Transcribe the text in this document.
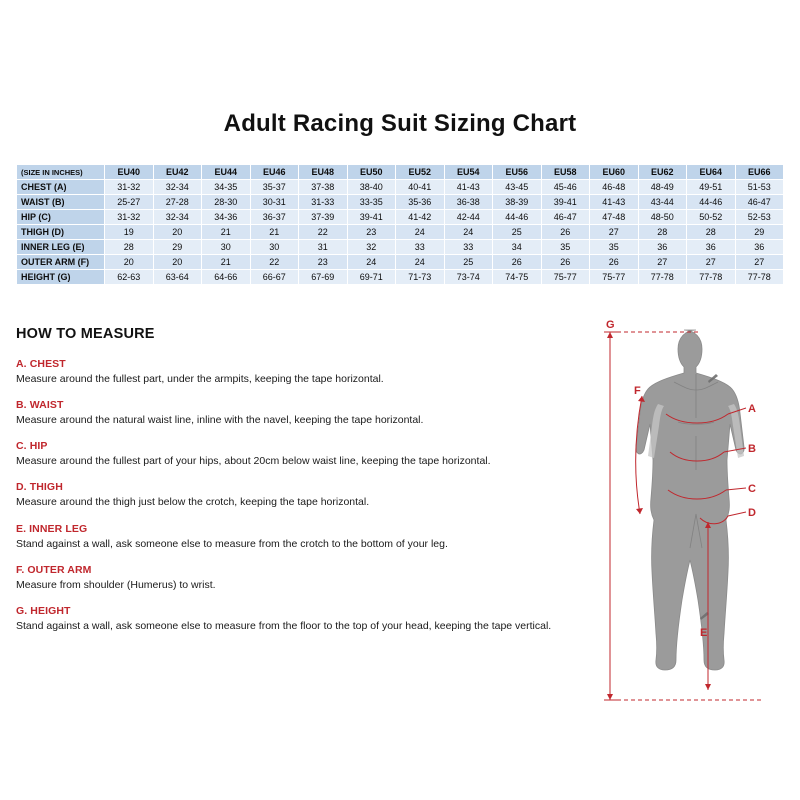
Adult Racing Suit Sizing Chart
(SIZE IN INCHES)	EU40	EU42	EU44	EU46	EU48	EU50	EU52	EU54	EU56	EU58	EU60	EU62	EU64	EU66
CHEST (A)	31-32	32-34	34-35	35-37	37-38	38-40	40-41	41-43	43-45	45-46	46-48	48-49	49-51	51-53
WAIST (B)	25-27	27-28	28-30	30-31	31-33	33-35	35-36	36-38	38-39	39-41	41-43	43-44	44-46	46-47
HIP (C)	31-32	32-34	34-36	36-37	37-39	39-41	41-42	42-44	44-46	46-47	47-48	48-50	50-52	52-53
THIGH (D)	19	20	21	21	22	23	24	24	25	26	27	28	28	29
INNER LEG (E)	28	29	30	30	31	32	33	33	34	35	35	36	36	36
OUTER ARM (F)	20	20	21	22	23	24	24	25	26	26	26	27	27	27
HEIGHT (G)	62-63	63-64	64-66	66-67	67-69	69-71	71-73	73-74	74-75	75-77	75-77	77-78	77-78	77-78
HOW TO MEASURE
A. CHEST
Measure around the fullest part, under the armpits, keeping the tape horizontal.
B. WAIST
Measure around the natural waist line, inline with the navel, keeping the tape horizontal.
C. HIP
Measure around the fullest part of your hips, about 20cm below waist line, keeping the tape horizontal.
D. THIGH
Measure around the thigh just below the crotch, keeping the tape horizontal.
E. INNER LEG
Stand against a wall, ask someone else to measure from the crotch to the bottom of your leg.
F. OUTER ARM
Measure from shoulder (Humerus) to wrist.
G. HEIGHT
Stand against a wall, ask someone else to measure from the floor to the top of your head, keeping the tape vertical.
A
B
C
D
E
F
G
